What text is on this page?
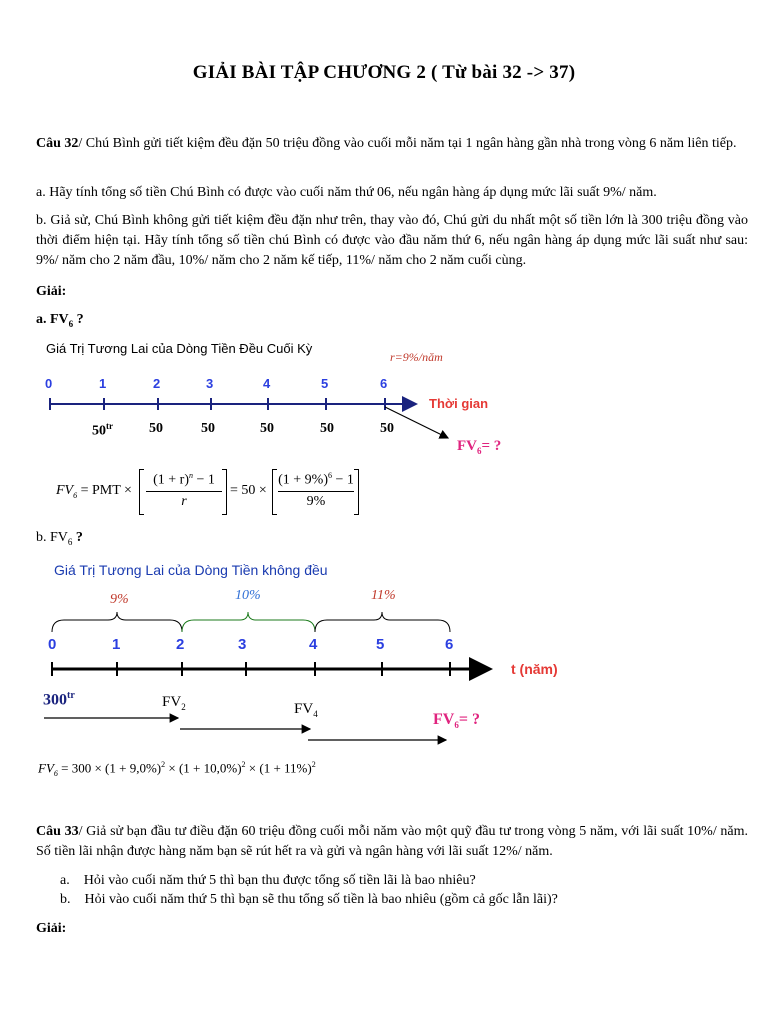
GIẢI BÀI TẬP CHƯƠNG 2 ( Từ bài 32 -> 37)
Câu 32/ Chú Bình gửi tiết kiệm đều đặn 50 triệu đồng vào cuối mỗi năm tại 1 ngân hàng gần nhà trong vòng 6 năm liên tiếp.
a. Hãy tính tổng số tiền Chú Bình có được vào cuối năm thứ 06, nếu ngân hàng áp dụng mức lãi suất 9%/ năm.
b. Giả sử, Chú Bình không gửi tiết kiệm đều đặn như trên, thay vào đó, Chú gửi du nhất một số tiền lớn là 300 triệu đồng vào thời điểm hiện tại. Hãy tính tổng số tiền chú Bình có được vào đầu năm thứ 6, nếu ngân hàng áp dụng mức lãi suất như sau: 9%/ năm cho 2 năm đầu, 10%/ năm cho 2 năm kế tiếp, 11%/ năm cho 2 năm cuối cùng.
Giải:
a. $FV_6$ ?
Giá Trị Tương Lai của Dòng Tiền Đều Cuối Kỳ
r=9%/năm
0	1	2	3	4	5	6
Thời gian
$50^{tr}$	50	50	50	50	50
$FV_6=$ ?
$FV_6$ = PMT ×
$(1 + r)^n - 1$
r
= 50 ×
$(1 + 9\%)^6 - 1$
9%
b. $FV_6$ ?
Giá Trị Tương Lai của Dòng Tiền không đều
9%	10%	11%
0	1	2	3	4	5	6
t (năm)
$300^{tr}$	$FV_2$	$FV_4$	$FV_6=$ ?
$FV_6 = 300 \times (1 + 9,0\%)^2 \times (1 + 10,0\%)^2 \times (1 + 11\%)^2$
Câu 33/ Giả sử bạn đầu tư điều đặn 60 triệu đồng cuối mỗi năm vào một quỹ đầu tư trong vòng 5 năm, với lãi suất 10%/ năm. Số tiền lãi nhận được hàng năm bạn sẽ rút hết ra và gửi và ngân hàng với lãi suất 12%/ năm.
a. Hỏi vào cuối năm thứ 5 thì bạn thu được tổng số tiền lãi là bao nhiêu?
b. Hỏi vào cuối năm thứ 5 thì bạn sẽ thu tổng số tiền là bao nhiêu (gồm cả gốc lẫn lãi)?
Giải:
